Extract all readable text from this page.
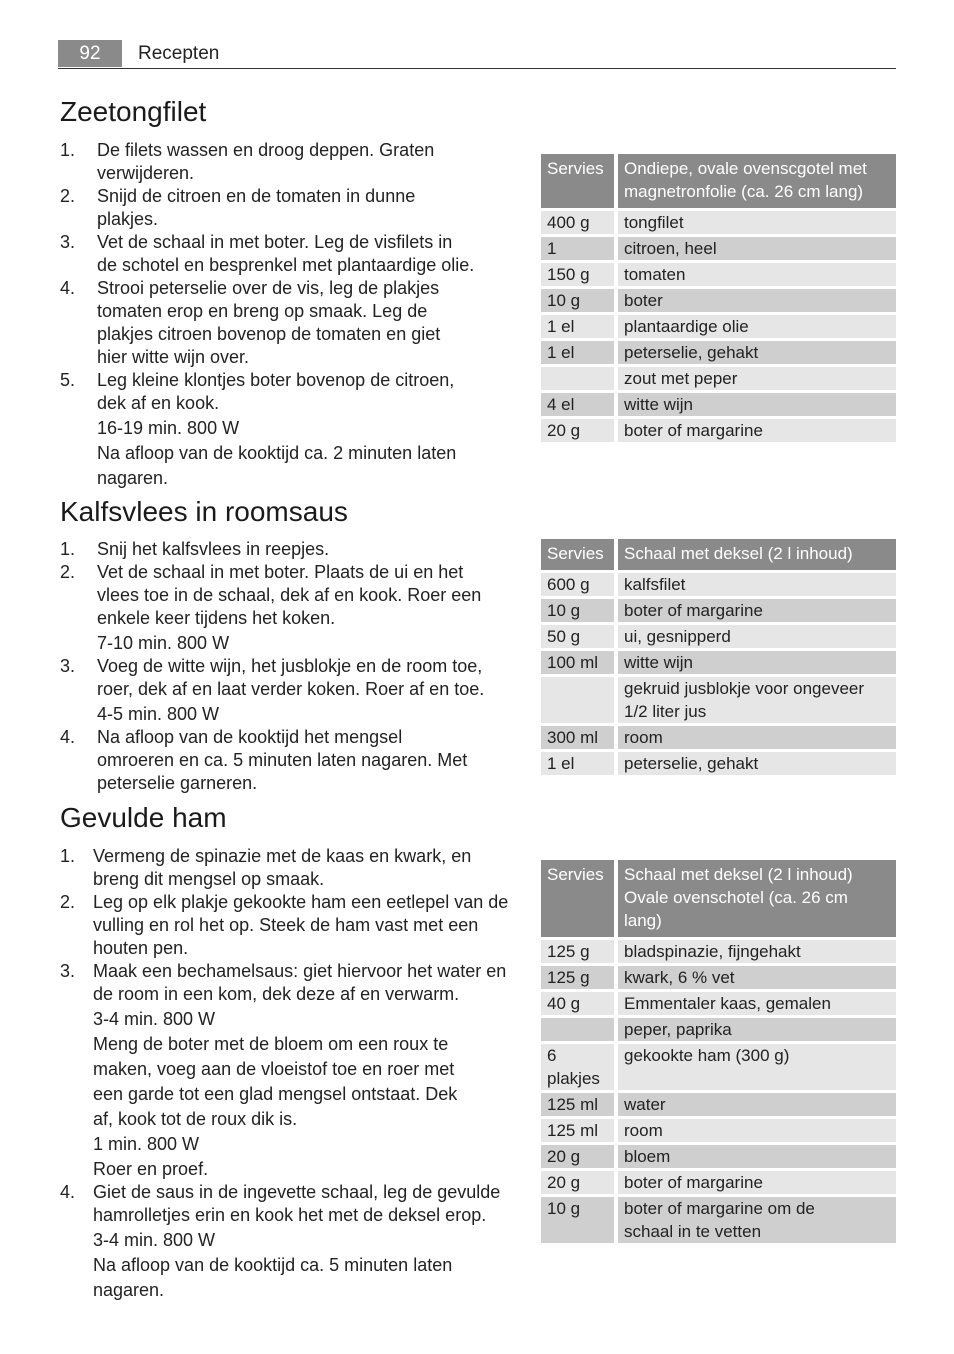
92	Recepten
Zeetongfilet
1. De filets wassen en droog deppen. Graten
verwijderen.
2. Snijd de citroen en de tomaten in dunne
plakjes.
3. Vet de schaal in met boter. Leg de visfilets in
de schotel en besprenkel met plantaardige olie.
4. Strooi peterselie over de vis, leg de plakjes
tomaten erop en breng op smaak. Leg de
plakjes citroen bovenop de tomaten en giet
hier witte wijn over.
5. Leg kleine klontjes boter bovenop de citroen,
dek af en kook.
16-19 min. 800 W
Na afloop van de kooktijd ca. 2 minuten laten
nagaren.
Servies	Ondiepe, ovale ovenscgotel met
magnetronfolie (ca. 26 cm lang)

400 g	tongfilet

1	citroen, heel

150 g	tomaten

10 g	boter

1 el	plantaardige olie

1 el	peterselie, gehakt

	zout met peper

4 el	witte wijn

20 g	boter of margarine
Kalfsvlees in roomsaus
1. Snij het kalfsvlees in reepjes.
2. Vet de schaal in met boter. Plaats de ui en het
vlees toe in de schaal, dek af en kook. Roer een
enkele keer tijdens het koken.
7-10 min. 800 W
3. Voeg de witte wijn, het jusblokje en de room toe,
roer, dek af en laat verder koken. Roer af en toe.
4-5 min. 800 W
4. Na afloop van de kooktijd het mengsel
omroeren en ca. 5 minuten laten nagaren. Met
peterselie garneren.
Servies	Schaal met deksel (2 l inhoud)

600 g	kalfsfilet

10 g	boter of margarine

50 g	ui, gesnipperd

100 ml	witte wijn

	gekruid jusblokje voor ongeveer
1/2 liter jus

300 ml	room

1 el	peterselie, gehakt
Gevulde ham
1. Vermeng de spinazie met de kaas en kwark, en
breng dit mengsel op smaak.
2. Leg op elk plakje gekookte ham een eetlepel van de
vulling en rol het op. Steek de ham vast met een
houten pen.
3. Maak een bechamelsaus: giet hiervoor het water en
de room in een kom, dek deze af en verwarm.
3-4 min. 800 W
Meng de boter met de bloem om een roux te
maken, voeg aan de vloeistof toe en roer met
een garde tot een glad mengsel ontstaat. Dek
af, kook tot de roux dik is.
1 min. 800 W
Roer en proef.
4. Giet de saus in de ingevette schaal, leg de gevulde
hamrolletjes erin en kook het met de deksel erop.
3-4 min. 800 W
Na afloop van de kooktijd ca. 5 minuten laten
nagaren.
Servies	Schaal met deksel (2 l inhoud)
Ovale ovenschotel (ca. 26 cm lang)

125 g	bladspinazie, fijngehakt

125 g	kwark, 6 % vet

40 g	Emmentaler kaas, gemalen

	peper, paprika

6 plakjes	gekookte ham (300 g)

125 ml	water

125 ml	room

20 g	bloem

20 g	boter of margarine

10 g	boter of margarine om de
schaal in te vetten
